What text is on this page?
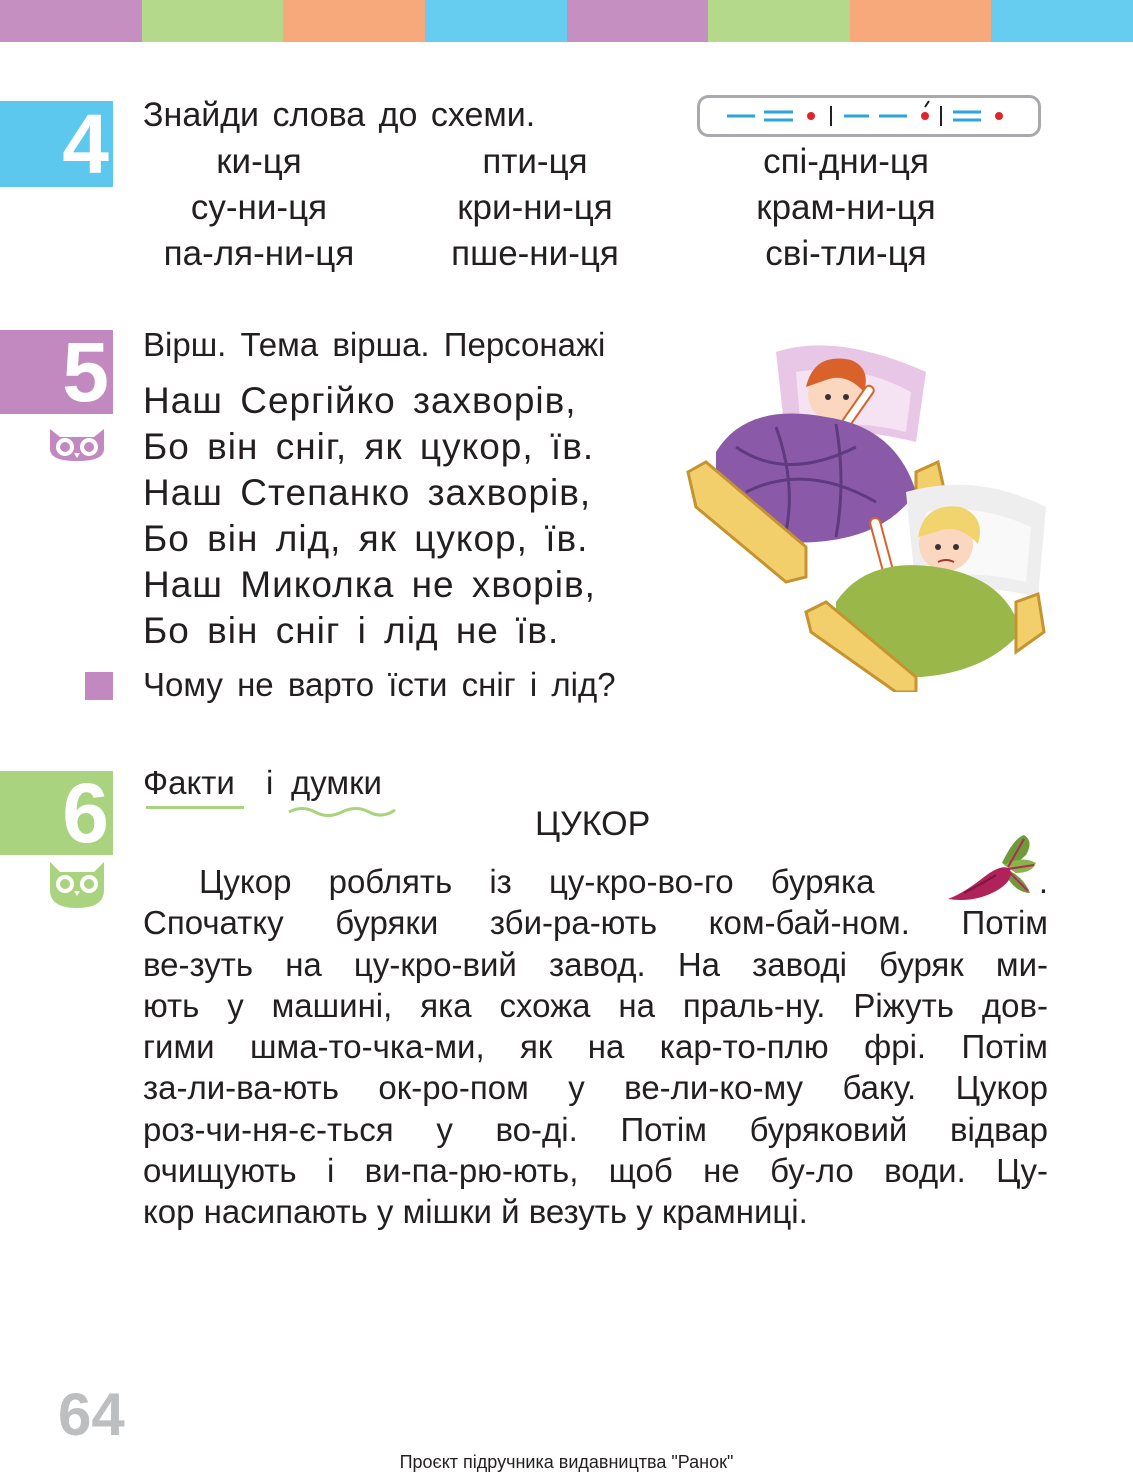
4 Знайди слова до схеми.
ки-ця	пти-ця	спі-дни-ця
су-ни-ця	кри-ни-ця	крам-ни-ця
па-ля-ни-ця	пше-ни-ця	сві-тли-ця
5 Вірш. Тема вірша. Персонажі
Наш Сергійко захворів,
Бо він сніг, як цукор, їв.
Наш Степанко захворів,
Бо він лід, як цукор, їв.
Наш Миколка не хворів,
Бо він сніг і лід не їв.
Чому не варто їсти сніг і лід?
6 Факти і думки
ЦУКОР
Цукор роблять із цу-кро-во-го буряка	.
Спочатку буряки зби-ра-ють ком-бай-ном. Потім
ве-зуть на цу-кро-вий завод. На заводі буряк ми-
ють у машині, яка схожа на праль-ну. Ріжуть дов-
гими шма-то-чка-ми, як на кар-то-плю фрі. Потім
за-ли-ва-ють ок-ро-пом у ве-ли-ко-му баку. Цукор
роз-чи-ня-є-ться у во-ді. Потім буряковий відвар
очищують і ви-па-рю-ють, щоб не бу-ло води. Цу-
кор насипають у мішки й везуть у крамниці.
64
Проєкт підручника видавництва "Ранок"
